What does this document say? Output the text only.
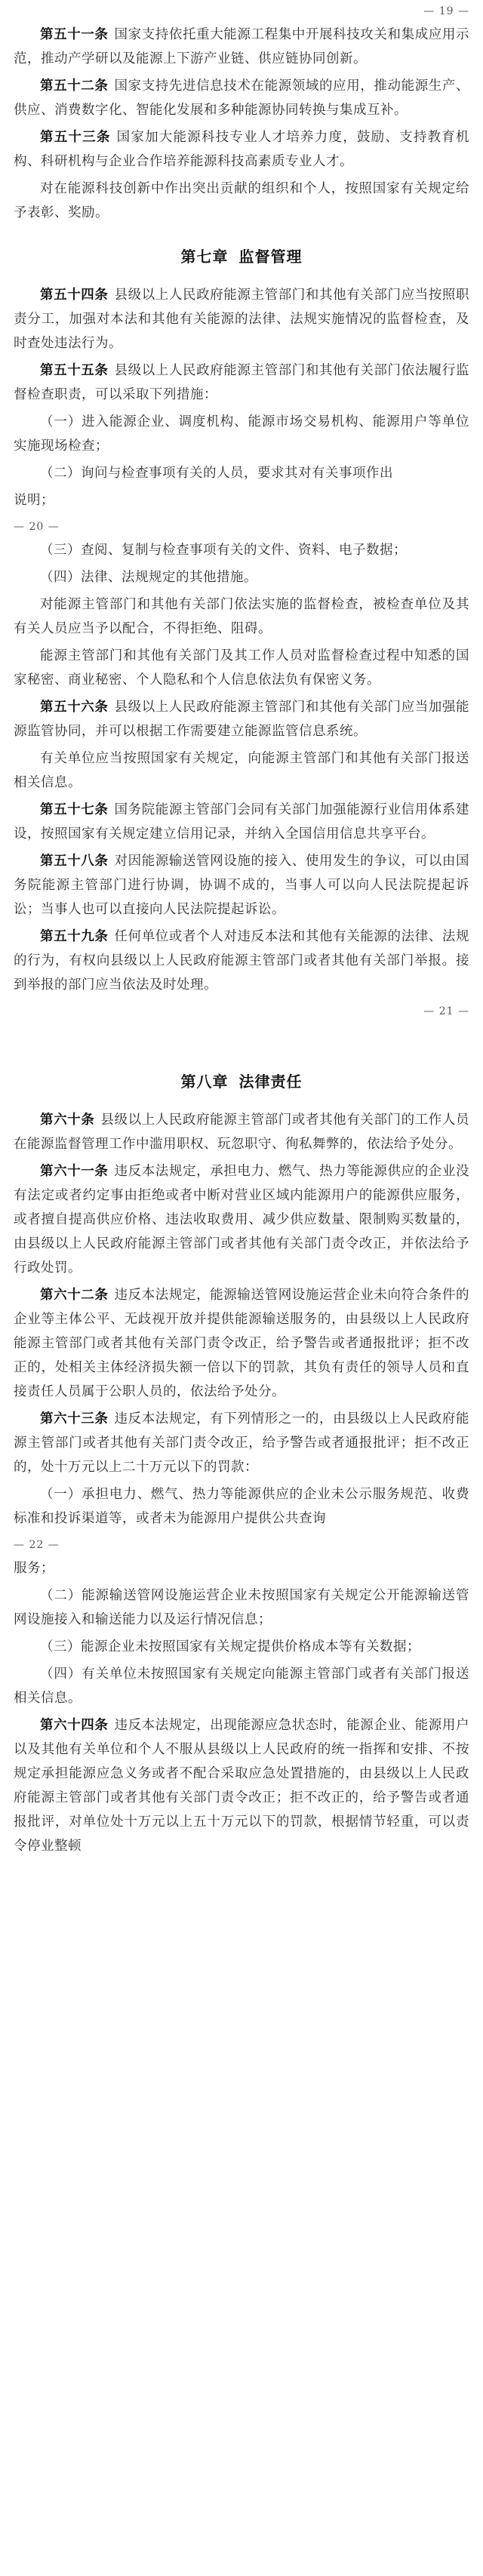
— 19 —

第五十一条 国家支持依托重大能源工程集中开展科技攻关和集成应用示范，推动产学研以及能源上下游产业链、供应链协同创新。

第五十二条 国家支持先进信息技术在能源领域的应用，推动能源生产、供应、消费数字化、智能化发展和多种能源协同转换与集成互补。

第五十三条 国家加大能源科技专业人才培养力度，鼓励、支持教育机构、科研机构与企业合作培养能源科技高素质专业人才。

对在能源科技创新中作出突出贡献的组织和个人，按照国家有关规定给予表彰、奖励。

第七章 监督管理

第五十四条 县级以上人民政府能源主管部门和其他有关部门应当按照职责分工，加强对本法和其他有关能源的法律、法规实施情况的监督检查，及时查处违法行为。

第五十五条 县级以上人民政府能源主管部门和其他有关部门依法履行监督检查职责，可以采取下列措施：

（一）进入能源企业、调度机构、能源市场交易机构、能源用户等单位实施现场检查；

（二）询问与检查事项有关的人员，要求其对有关事项作出

说明；

— 20 —

（三）查阅、复制与检查事项有关的文件、资料、电子数据；

（四）法律、法规规定的其他措施。

对能源主管部门和其他有关部门依法实施的监督检查，被检查单位及其有关人员应当予以配合，不得拒绝、阻碍。

能源主管部门和其他有关部门及其工作人员对监督检查过程中知悉的国家秘密、商业秘密、个人隐私和个人信息依法负有保密义务。

第五十六条 县级以上人民政府能源主管部门和其他有关部门应当加强能源监管协同，并可以根据工作需要建立能源监管信息系统。

有关单位应当按照国家有关规定，向能源主管部门和其他有关部门报送相关信息。

第五十七条 国务院能源主管部门会同有关部门加强能源行业信用体系建设，按照国家有关规定建立信用记录，并纳入全国信用信息共享平台。

第五十八条 对因能源输送管网设施的接入、使用发生的争议，可以由国务院能源主管部门进行协调，协调不成的，当事人可以向人民法院提起诉讼；当事人也可以直接向人民法院提起诉讼。

第五十九条 任何单位或者个人对违反本法和其他有关能源的法律、法规的行为，有权向县级以上人民政府能源主管部门或者其他有关部门举报。接到举报的部门应当依法及时处理。

— 21 —
第八章 法律责任

第六十条 县级以上人民政府能源主管部门或者其他有关部门的工作人员在能源监督管理工作中滥用职权、玩忽职守、徇私舞弊的，依法给予处分。

第六十一条 违反本法规定，承担电力、燃气、热力等能源供应的企业没有法定或者约定事由拒绝或者中断对营业区域内能源用户的能源供应服务，或者擅自提高供应价格、违法收取费用、减少供应数量、限制购买数量的，由县级以上人民政府能源主管部门或者其他有关部门责令改正，并依法给予行政处罚。

第六十二条 违反本法规定，能源输送管网设施运营企业未向符合条件的企业等主体公平、无歧视开放并提供能源输送服务的，由县级以上人民政府能源主管部门或者其他有关部门责令改正，给予警告或者通报批评；拒不改正的，处相关主体经济损失额一倍以下的罚款，其负有责任的领导人员和直接责任人员属于公职人员的，依法给予处分。

第六十三条 违反本法规定，有下列情形之一的，由县级以上人民政府能源主管部门或者其他有关部门责令改正，给予警告或者通报批评；拒不改正的，处十万元以上二十万元以下的罚款：

（一）承担电力、燃气、热力等能源供应的企业未公示服务规范、收费标准和投诉渠道等，或者未为能源用户提供公共查询

— 22 —

服务；

（二）能源输送管网设施运营企业未按照国家有关规定公开能源输送管网设施接入和输送能力以及运行情况信息；

（三）能源企业未按照国家有关规定提供价格成本等有关数据；

（四）有关单位未按照国家有关规定向能源主管部门或者有关部门报送相关信息。

第六十四条 违反本法规定，出现能源应急状态时，能源企业、能源用户以及其他有关单位和个人不服从县级以上人民政府的统一指挥和安排、不按规定承担能源应急义务或者不配合采取应急处置措施的，由县级以上人民政府能源主管部门或者其他有关部门责令改正；拒不改正的，给予警告或者通报批评，对单位处十万元以上五十万元以下的罚款，根据情节轻重，可以责令停业整顿
